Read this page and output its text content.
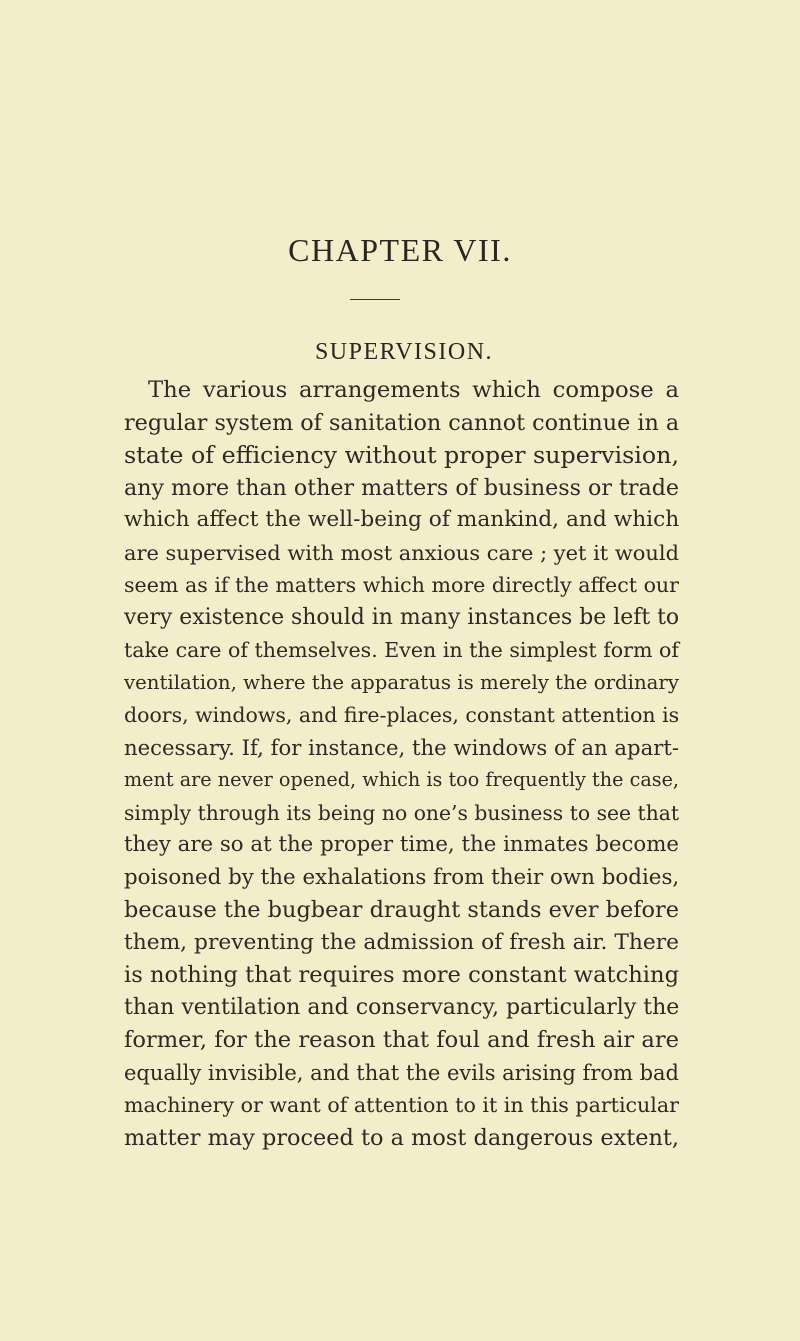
CHAPTER VII.
SUPERVISION.
The various arrangements which compose a
regular system of sanitation cannot continue in a
state of efficiency without proper supervision,
any more than other matters of business or trade
which affect the well-being of mankind, and which
are supervised with most anxious care ; yet it would
seem as if the matters which more directly affect our
very existence should in many instances be left to
take care of themselves. Even in the simplest form of
ventilation, where the apparatus is merely the ordinary
doors, windows, and fire-places, constant attention is
necessary. If, for instance, the windows of an apart-
ment are never opened, which is too frequently the case,
simply through its being no one’s business to see that
they are so at the proper time, the inmates become
poisoned by the exhalations from their own bodies,
because the bugbear draught stands ever before
them, preventing the admission of fresh air. There
is nothing that requires more constant watching
than ventilation and conservancy, particularly the
former, for the reason that foul and fresh air are
equally invisible, and that the evils arising from bad
machinery or want of attention to it in this particular
matter may proceed to a most dangerous extent,
